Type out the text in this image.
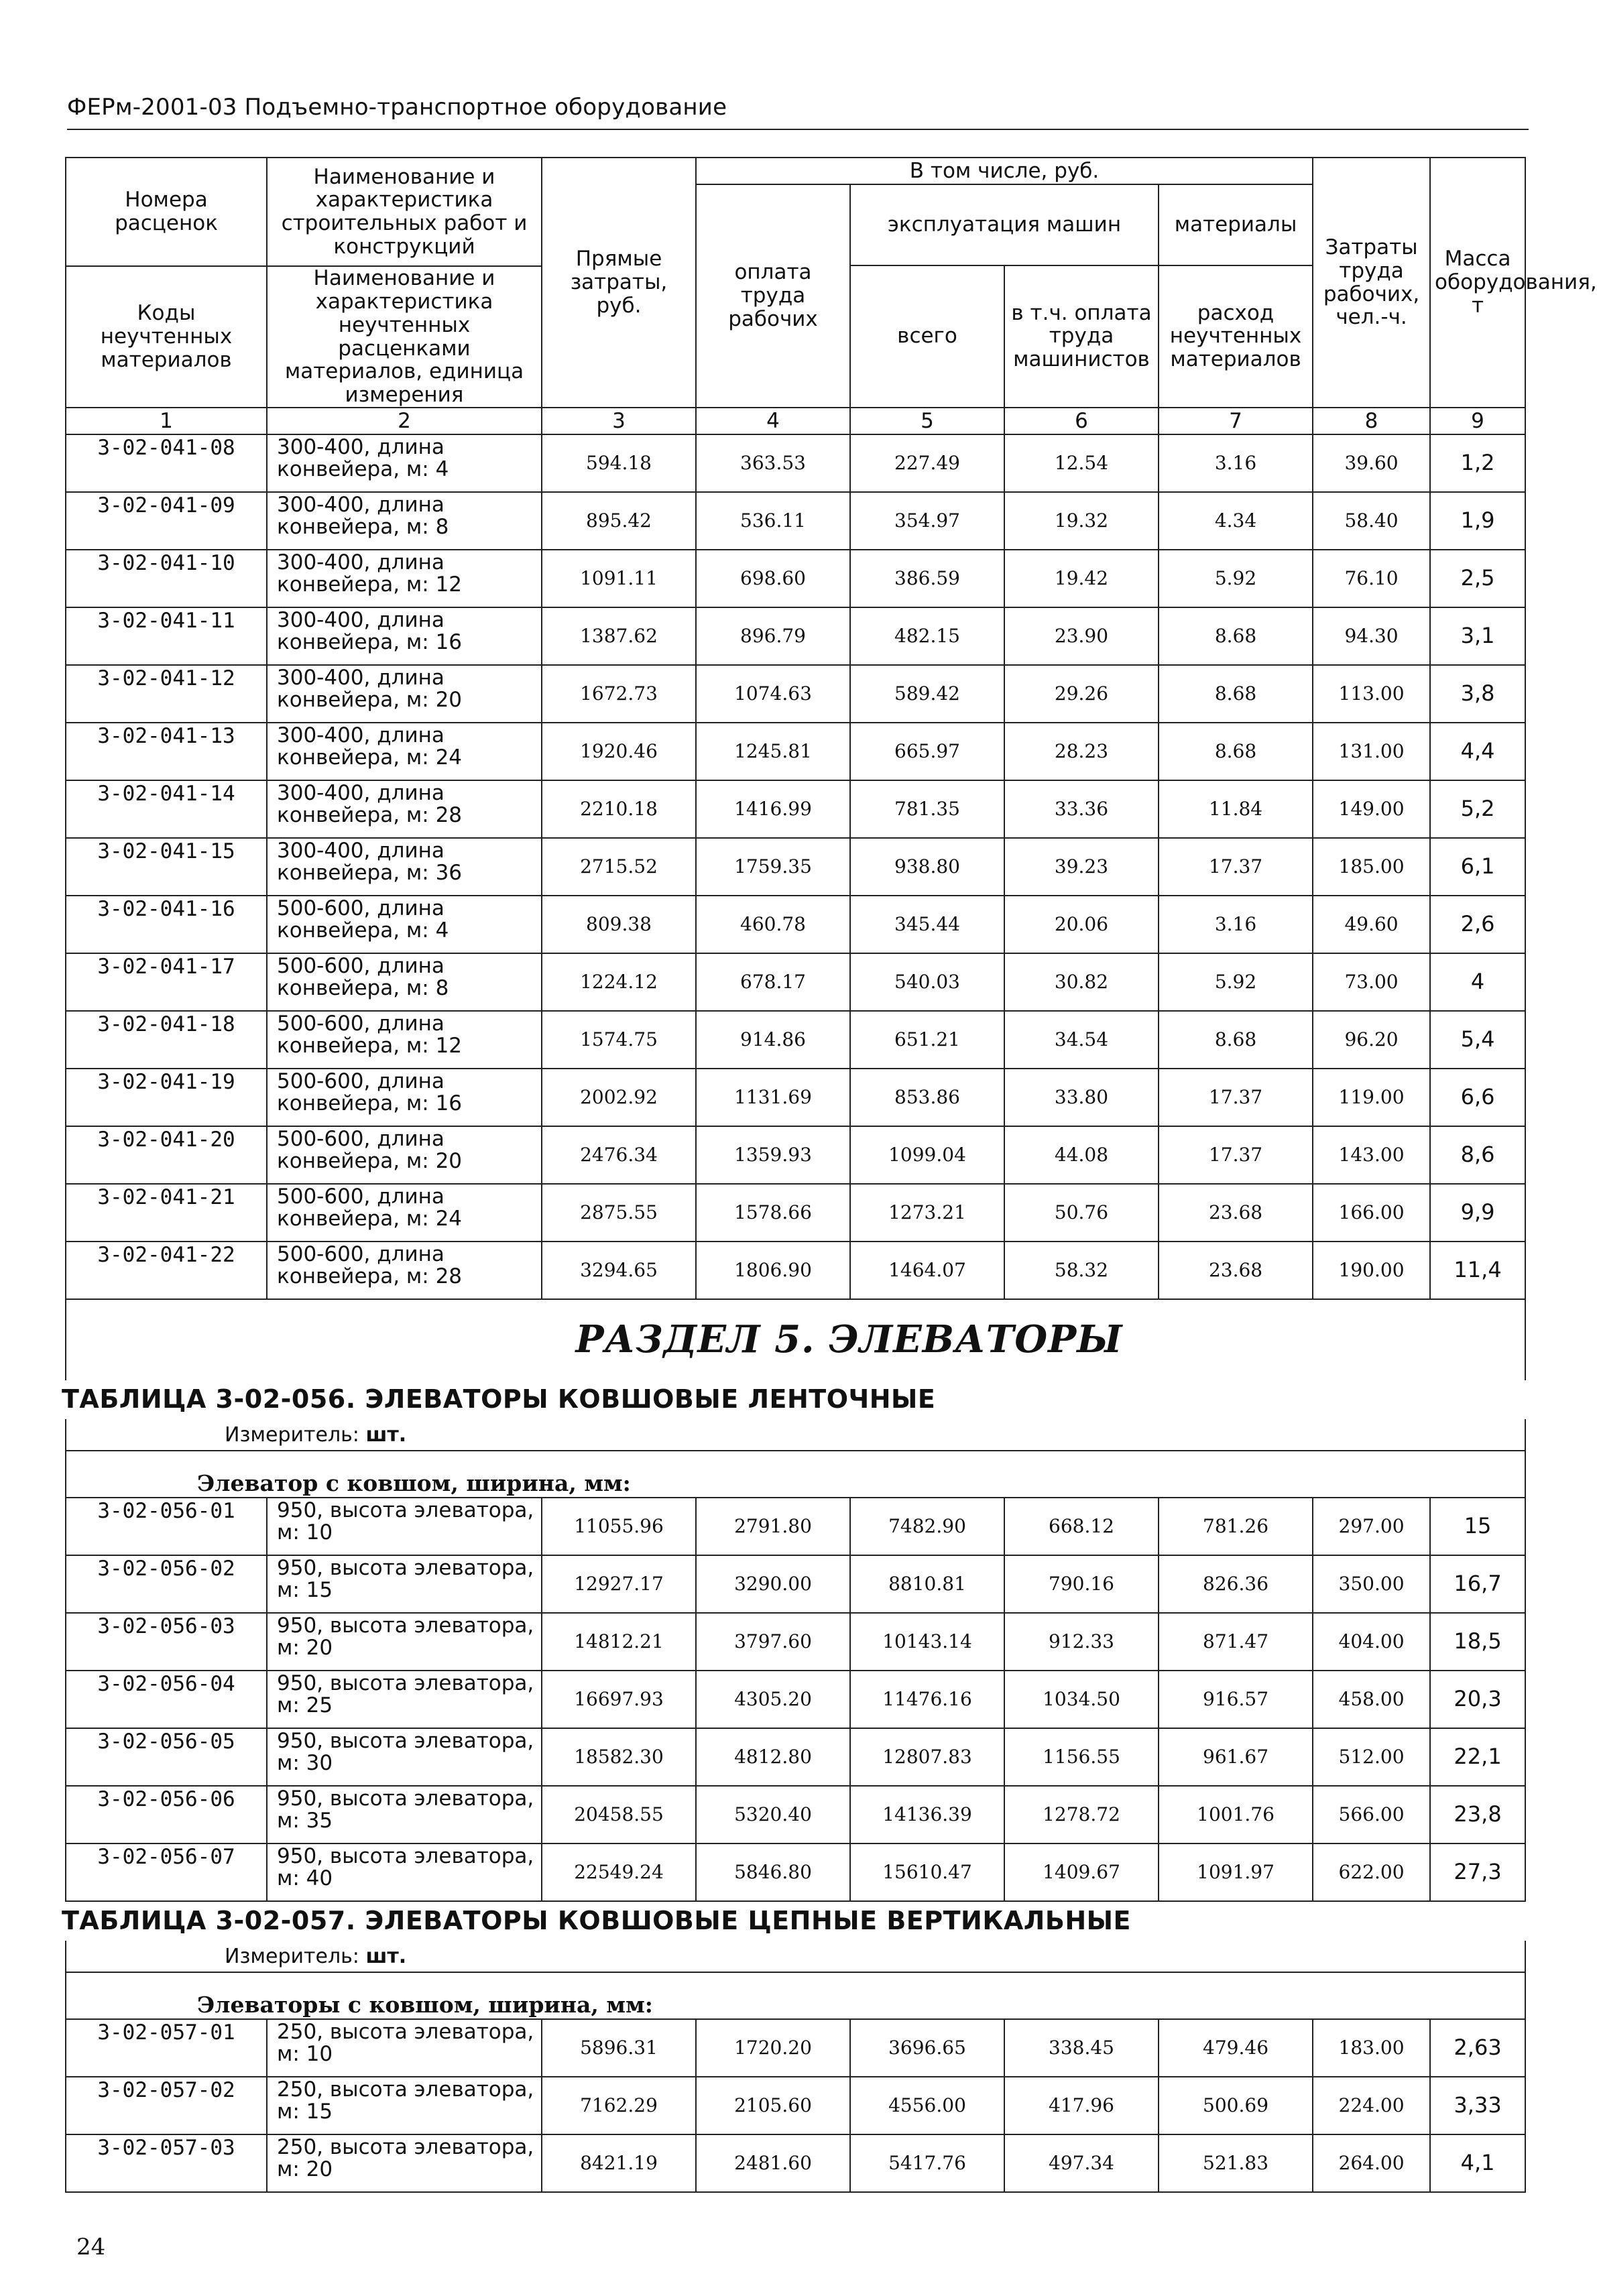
ФЕРм-2001-03 Подъемно-транспортное оборудование
Номера расценок	Наименование и характеристика строительных работ и конструкций	Прямые затраты, руб.	В том числе, руб.				Затраты труда рабочих, чел.-ч.	Масса оборудования, т
			оплата труда рабочих	эксплуатация машин		материалы		
				всего	в т.ч. оплата труда машинистов	расход неучтенных материалов		
Коды неучтенных материалов	Наименование и характеристика неучтенных расценками материалов, единица измерения							

1	2	3	4	5	6	7	8	9
3-02-041-08	300-400, длина конвейера, м: 4	594.18	363.53	227.49	12.54	3.16	39.60	1,2
3-02-041-09	300-400, длина конвейера, м: 8	895.42	536.11	354.97	19.32	4.34	58.40	1,9
3-02-041-10	300-400, длина конвейера, м: 12	1091.11	698.60	386.59	19.42	5.92	76.10	2,5
3-02-041-11	300-400, длина конвейера, м: 16	1387.62	896.79	482.15	23.90	8.68	94.30	3,1
3-02-041-12	300-400, длина конвейера, м: 20	1672.73	1074.63	589.42	29.26	8.68	113.00	3,8
3-02-041-13	300-400, длина конвейера, м: 24	1920.46	1245.81	665.97	28.23	8.68	131.00	4,4
3-02-041-14	300-400, длина конвейера, м: 28	2210.18	1416.99	781.35	33.36	11.84	149.00	5,2
3-02-041-15	300-400, длина конвейера, м: 36	2715.52	1759.35	938.80	39.23	17.37	185.00	6,1
3-02-041-16	500-600, длина конвейера, м: 4	809.38	460.78	345.44	20.06	3.16	49.60	2,6
3-02-041-17	500-600, длина конвейера, м: 8	1224.12	678.17	540.03	30.82	5.92	73.00	4
3-02-041-18	500-600, длина конвейера, м: 12	1574.75	914.86	651.21	34.54	8.68	96.20	5,4
3-02-041-19	500-600, длина конвейера, м: 16	2002.92	1131.69	853.86	33.80	17.37	119.00	6,6
3-02-041-20	500-600, длина конвейера, м: 20	2476.34	1359.93	1099.04	44.08	17.37	143.00	8,6
3-02-041-21	500-600, длина конвейера, м: 24	2875.55	1578.66	1273.21	50.76	23.68	166.00	9,9
3-02-041-22	500-600, длина конвейера, м: 28	3294.65	1806.90	1464.07	58.32	23.68	190.00	11,4

РАЗДЕЛ 5. ЭЛЕВАТОРЫ								

ТАБЛИЦА 3-02-056. ЭЛЕВАТОРЫ КОВШОВЫЕ ЛЕНТОЧНЫЕ								

Измеритель: шт.								
Элеватор с ковшом, ширина, мм:								
3-02-056-01	950, высота элеватора, м: 10	11055.96	2791.80	7482.90	668.12	781.26	297.00	15
3-02-056-02	950, высота элеватора, м: 15	12927.17	3290.00	8810.81	790.16	826.36	350.00	16,7
3-02-056-03	950, высота элеватора, м: 20	14812.21	3797.60	10143.14	912.33	871.47	404.00	18,5
3-02-056-04	950, высота элеватора, м: 25	16697.93	4305.20	11476.16	1034.50	916.57	458.00	20,3
3-02-056-05	950, высота элеватора, м: 30	18582.30	4812.80	12807.83	1156.55	961.67	512.00	22,1
3-02-056-06	950, высота элеватора, м: 35	20458.55	5320.40	14136.39	1278.72	1001.76	566.00	23,8
3-02-056-07	950, высота элеватора, м: 40	22549.24	5846.80	15610.47	1409.67	1091.97	622.00	27,3

ТАБЛИЦА 3-02-057. ЭЛЕВАТОРЫ КОВШОВЫЕ ЦЕПНЫЕ ВЕРТИКАЛЬНЫЕ								

Измеритель: шт.								
Элеваторы с ковшом, ширина, мм:								
3-02-057-01	250, высота элеватора, м: 10	5896.31	1720.20	3696.65	338.45	479.46	183.00	2,63
3-02-057-02	250, высота элеватора, м: 15	7162.29	2105.60	4556.00	417.96	500.69	224.00	3,33
3-02-057-03	250, высота элеватора, м: 20	8421.19	2481.60	5417.76	497.34	521.83	264.00	4,1
24
